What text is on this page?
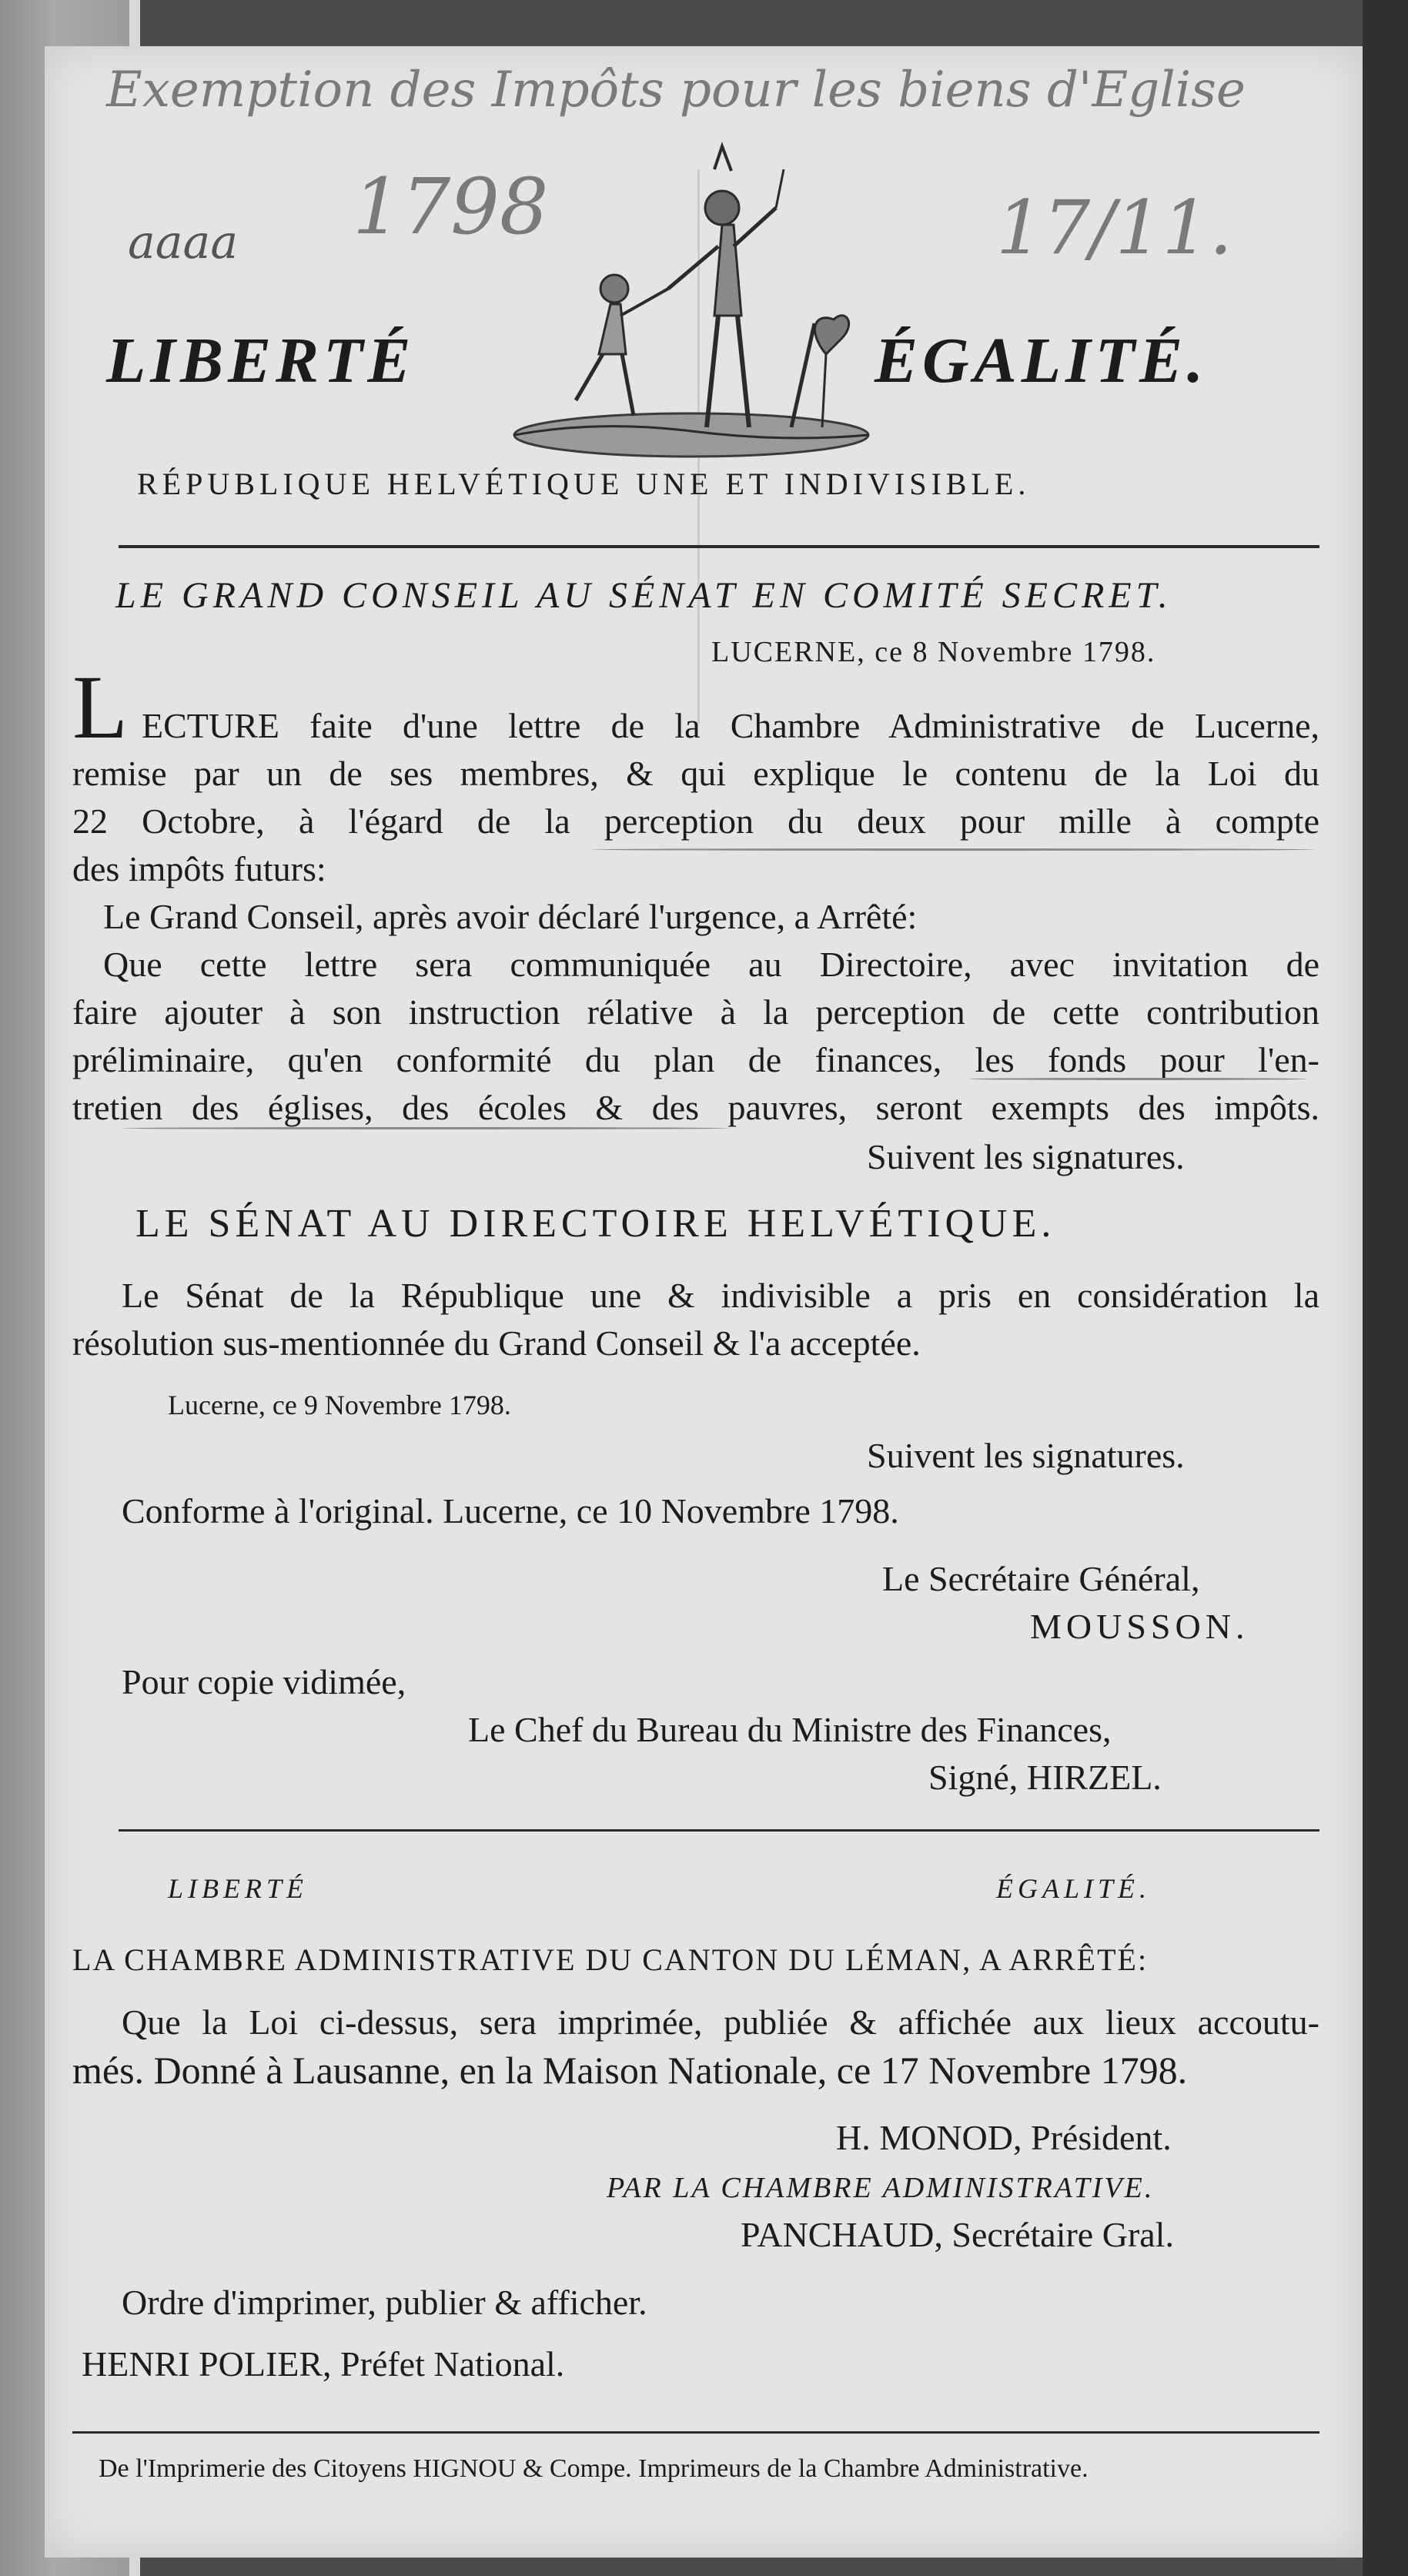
Exemption des Impôts pour les biens d'Eglise
1798
aaaa	17/11.
LIBERTÉ	ÉGALITÉ.
RÉPUBLIQUE HELVÉTIQUE UNE ET INDIVISIBLE.
LE GRAND CONSEIL AU SÉNAT EN COMITÉ SECRET.
LUCERNE, ce 8 Novembre 1798.
L ECTURE faite d'une lettre de la Chambre Administrative de Lucerne,
remise par un de ses membres, & qui explique le contenu de la Loi du
22 Octobre, à l'égard de la perception du deux pour mille à compte
des impôts futurs:
Le Grand Conseil, après avoir déclaré l'urgence, a Arrêté:
Que cette lettre sera communiquée au Directoire, avec invitation de
faire ajouter à son instruction rélative à la perception de cette contribution
préliminaire, qu'en conformité du plan de finances, les fonds pour l'en-
tretien des églises, des écoles & des pauvres, seront exempts des impôts.
Suivent les signatures.
LE SÉNAT AU DIRECTOIRE HELVÉTIQUE.
Le Sénat de la République une & indivisible a pris en considération la
résolution sus-mentionnée du Grand Conseil & l'a acceptée.
Lucerne, ce 9 Novembre 1798.
Suivent les signatures.
Conforme à l'original. Lucerne, ce 10 Novembre 1798.
Le Secrétaire Général,
MOUSSON.
Pour copie vidimée,
Le Chef du Bureau du Ministre des Finances,
Signé, HIRZEL.
LIBERTÉ	ÉGALITÉ.
LA CHAMBRE ADMINISTRATIVE DU CANTON DU LÉMAN, A ARRÊTÉ:
Que la Loi ci-dessus, sera imprimée, publiée & affichée aux lieux accoutu-
més. Donné à Lausanne, en la Maison Nationale, ce 17 Novembre 1798.
H. MONOD, Président.
PAR LA CHAMBRE ADMINISTRATIVE.
PANCHAUD, Secrétaire Gral.
Ordre d'imprimer, publier & afficher.
HENRI POLIER, Préfet National.
De l'Imprimerie des Citoyens HIGNOU & Compe. Imprimeurs de la Chambre Administrative.
